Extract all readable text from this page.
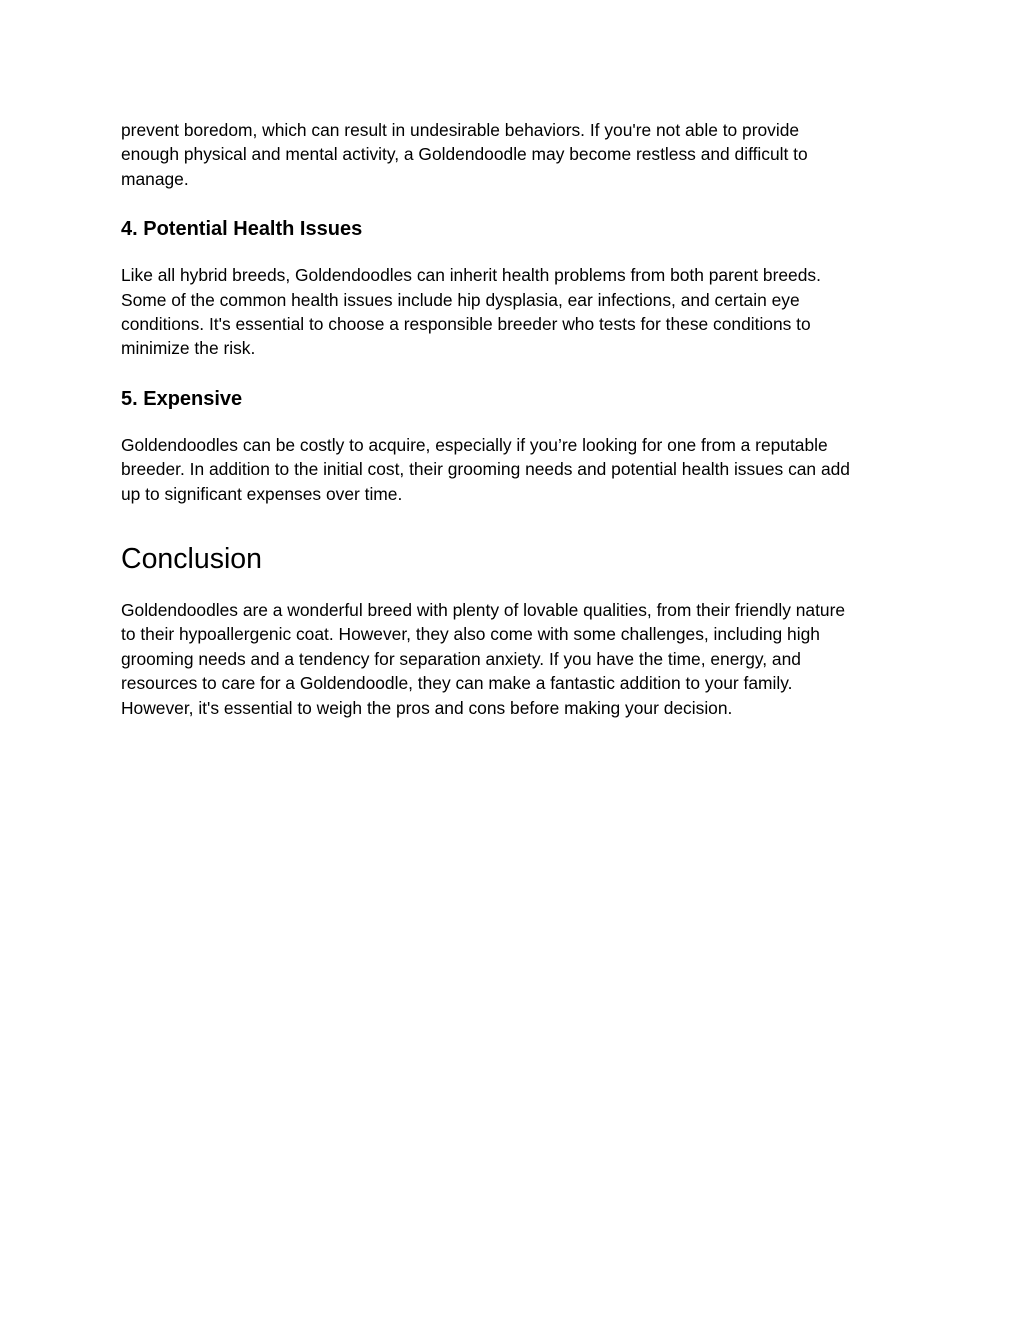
prevent boredom, which can result in undesirable behaviors. If you're not able to provide
enough physical and mental activity, a Goldendoodle may become restless and difficult to
manage.

4. Potential Health Issues

Like all hybrid breeds, Goldendoodles can inherit health problems from both parent breeds.
Some of the common health issues include hip dysplasia, ear infections, and certain eye
conditions. It's essential to choose a responsible breeder who tests for these conditions to
minimize the risk.

5. Expensive

Goldendoodles can be costly to acquire, especially if you’re looking for one from a reputable
breeder. In addition to the initial cost, their grooming needs and potential health issues can add
up to significant expenses over time.

Conclusion

Goldendoodles are a wonderful breed with plenty of lovable qualities, from their friendly nature
to their hypoallergenic coat. However, they also come with some challenges, including high
grooming needs and a tendency for separation anxiety. If you have the time, energy, and
resources to care for a Goldendoodle, they can make a fantastic addition to your family.
However, it's essential to weigh the pros and cons before making your decision.
